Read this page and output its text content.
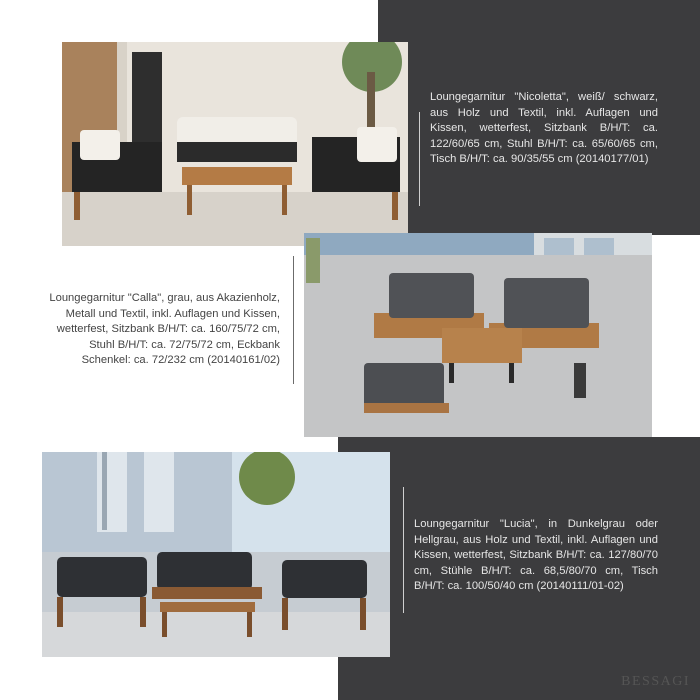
Loungegarnitur "Nicoletta", weiß/ schwarz, aus Holz und Textil, inkl. Auflagen und Kissen, wetterfest, Sitzbank B/H/T: ca. 122/60/65 cm, Stuhl B/H/T: ca. 65/60/65 cm, Tisch B/H/T: ca. 90/35/55 cm (20140177/01)
Loungegarnitur "Calla", grau, aus Akazienholz, Metall und Textil, inkl. Auflagen und Kissen, wetterfest, Sitzbank B/H/T: ca. 160/75/72 cm, Stuhl B/H/T: ca. 72/75/72 cm, Eckbank Schenkel: ca. 72/232 cm (20140161/02)
Loungegarnitur "Lucia", in Dunkelgrau oder Hellgrau, aus Holz und Textil, inkl. Auflagen und Kissen, wetterfest, Sitzbank B/H/T: ca. 127/80/70 cm, Stühle B/H/T: ca. 68,5/80/70 cm, Tisch B/H/T: ca. 100/50/40 cm (20140111/01-02)
BESSAGI
